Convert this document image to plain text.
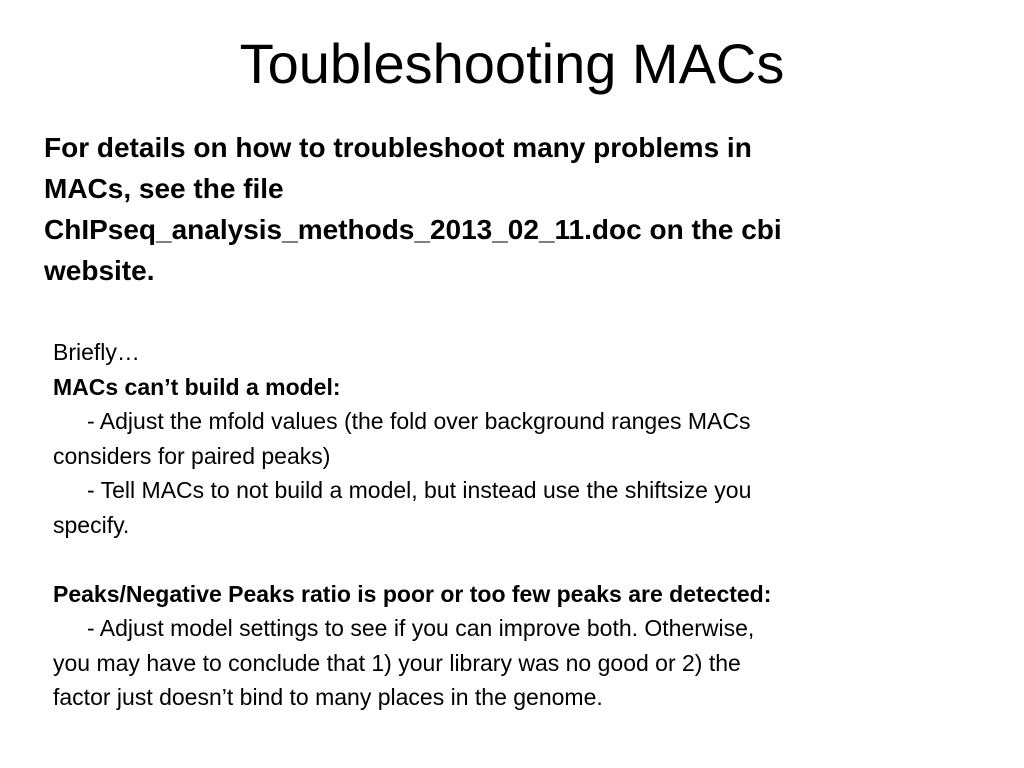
Toubleshooting MACs
For details on how to troubleshoot many problems in
MACs, see the file
ChIPseq_analysis_methods_2013_02_11.doc on the cbi
website.
Briefly…
MACs can’t build a model:
- Adjust the mfold values (the fold over background ranges MACs
considers for paired peaks)
- Tell MACs to not build a model, but instead use the shiftsize you
specify.
Peaks/Negative Peaks ratio is poor or too few peaks are detected:
- Adjust model settings to see if you can improve both. Otherwise,
you may have to conclude that 1) your library was no good or 2) the
factor just doesn’t bind to many places in the genome.
